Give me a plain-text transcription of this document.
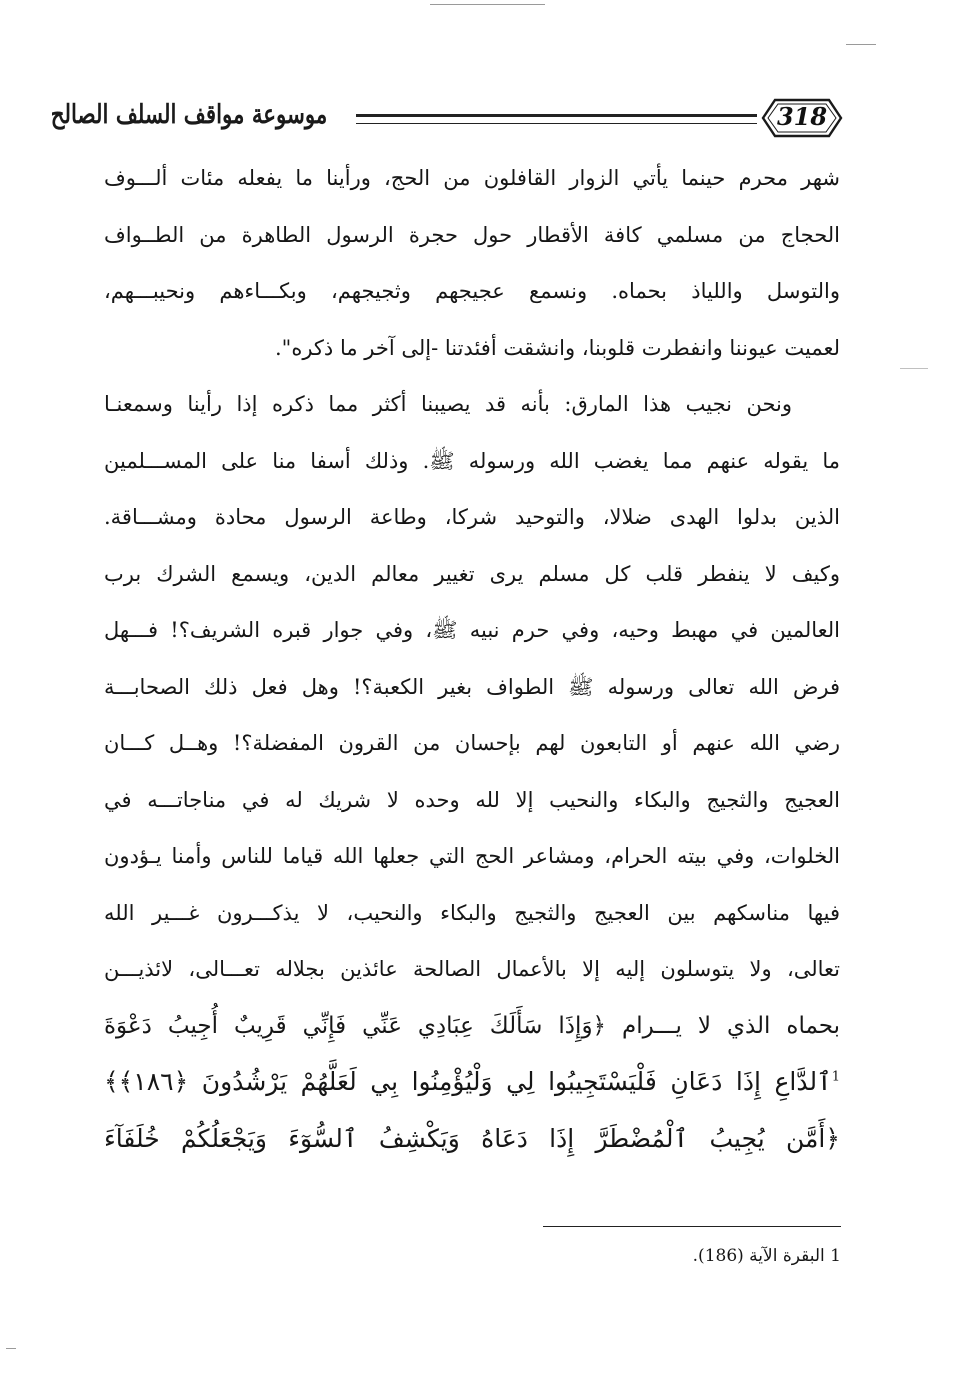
موسوعة مواقف السلف الصالح	318
شهر محرم حينما يأتي الزوار القافلون من الحج، ورأينا ما يفعله مئات ألـــوف
الحجاج من مسلمي كافة الأقطار حول حجرة الرسول الطاهرة من الطــواف
والتوسل واللياذ بحماه. ونسمع عجيجهم وثجيجهم، وبكـــاءهم ونحيبـــهم،
لعميت عيوننا وانفطرت قلوبنا، وانشقت أفئدتنا -إلى آخر ما ذكره".
ونحن نجيب هذا المارق: بأنه قد يصيبنا أكثر مما ذكره إذا رأينا وسمعنـا
ما يقوله عنهم مما يغضب الله ورسوله ﷺ. وذلك أسفا منا على المســـلمين
الذين بدلوا الهدى ضلالا، والتوحيد شركا، وطاعة الرسول محادة ومشـــاقة.
وكيف لا ينفطر قلب كل مسلم يرى تغيير معالم الدين، ويسمع الشرك برب
العالمين في مهبط وحيه، وفي حرم نبيه ﷺ، وفي جوار قبره الشريف؟! فـــهل
فرض الله تعالى ورسوله ﷺ الطواف بغير الكعبة؟! وهل فعل ذلك الصحابـــة
رضي الله عنهم أو التابعون لهم بإحسان من القرون المفضلة؟! وهــل كـــان
العجيج والثجيج والبكاء والنحيب إلا لله وحده لا شريك له في مناجاتـــه في
الخلوات، وفي بيته الحرام، ومشاعر الحج التي جعلها الله قياما للناس وأمنا يـؤدون
فيها مناسكهم بين العجيج والثجيج والبكاء والنحيب، لا يذكـــرون غـــير الله
تعالى، ولا يتوسلون إليه إلا بالأعمال الصالحة عائذين بجلاله تعـــالى، لائذيـــن
بحماه الذي لا يـــرام ﴿وَإِذَا سَأَلَكَ عِبَادِي عَنِّي فَإِنِّي قَرِيبٌ أُجِيبُ دَعْوَةَ
$^1$ٱلدَّاعِ إِذَا دَعَانِ فَلْيَسْتَجِيبُوا لِي وَلْيُؤْمِنُوا بِي لَعَلَّهُمْ يَرْشُدُونَ ﴿١٨٦﴾﴾
﴿أَمَّن يُجِيبُ ٱلْمُضْطَرَّ إِذَا دَعَاهُ وَيَكْشِفُ ٱلسُّوٓءَ وَيَجْعَلُكُمْ خُلَفَآءَ
1 البقرة الآية (186).
